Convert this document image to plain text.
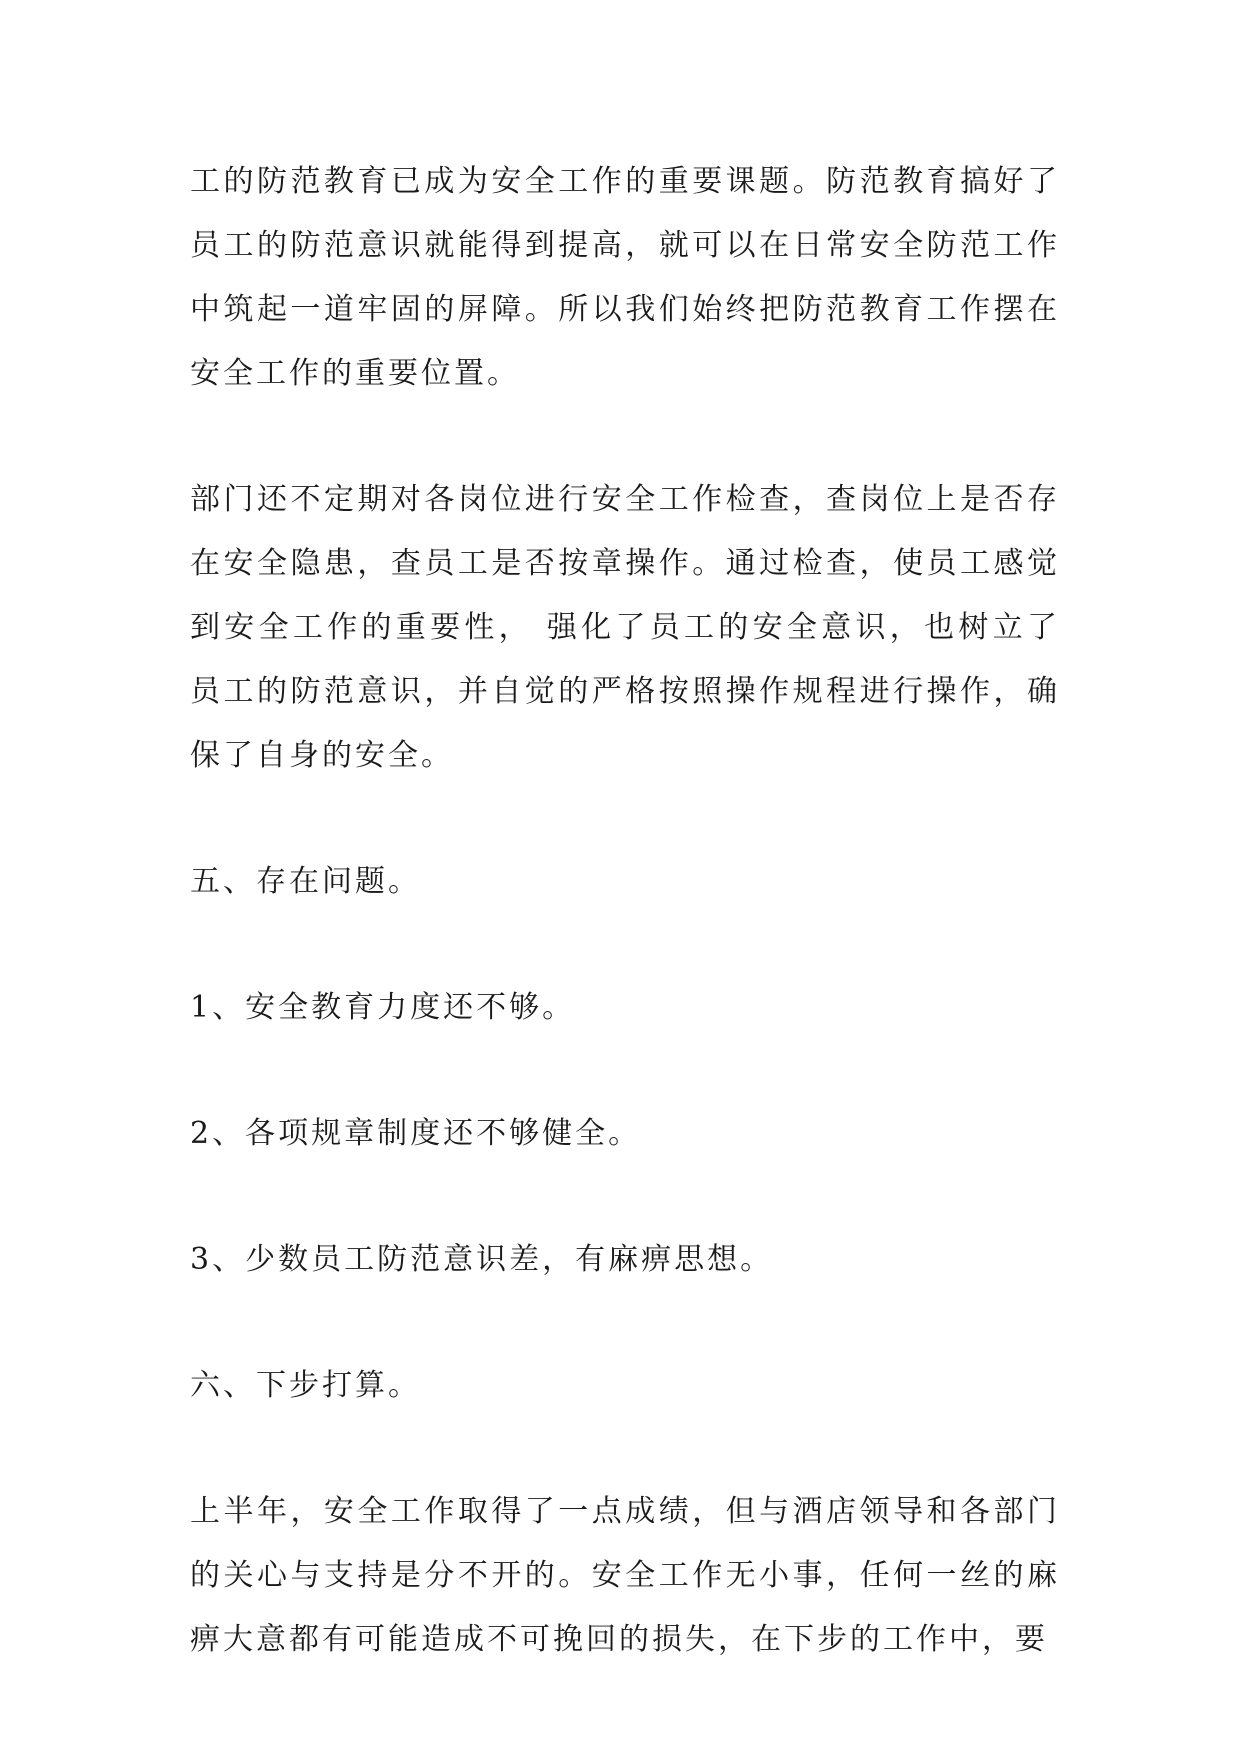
工的防范教育已成为安全工作的重要课题。防范教育搞好了员工的防范意识就能得到提高，就可以在日常安全防范工作中筑起一道牢固的屏障。所以我们始终把防范教育工作摆在安全工作的重要位置。

部门还不定期对各岗位进行安全工作检查，查岗位上是否存在安全隐患，查员工是否按章操作。通过检查，使员工感觉到安全工作的重要性， 强化了员工的安全意识，也树立了员工的防范意识，并自觉的严格按照操作规程进行操作，确保了自身的安全。

五、存在问题。

1、安全教育力度还不够。

2、各项规章制度还不够健全。

3、少数员工防范意识差，有麻痹思想。

六、下步打算。

上半年，安全工作取得了一点成绩，但与酒店领导和各部门的关心与支持是分不开的。安全工作无小事，任何一丝的麻痹大意都有可能造成不可挽回的损失，在下步的工作中，要
